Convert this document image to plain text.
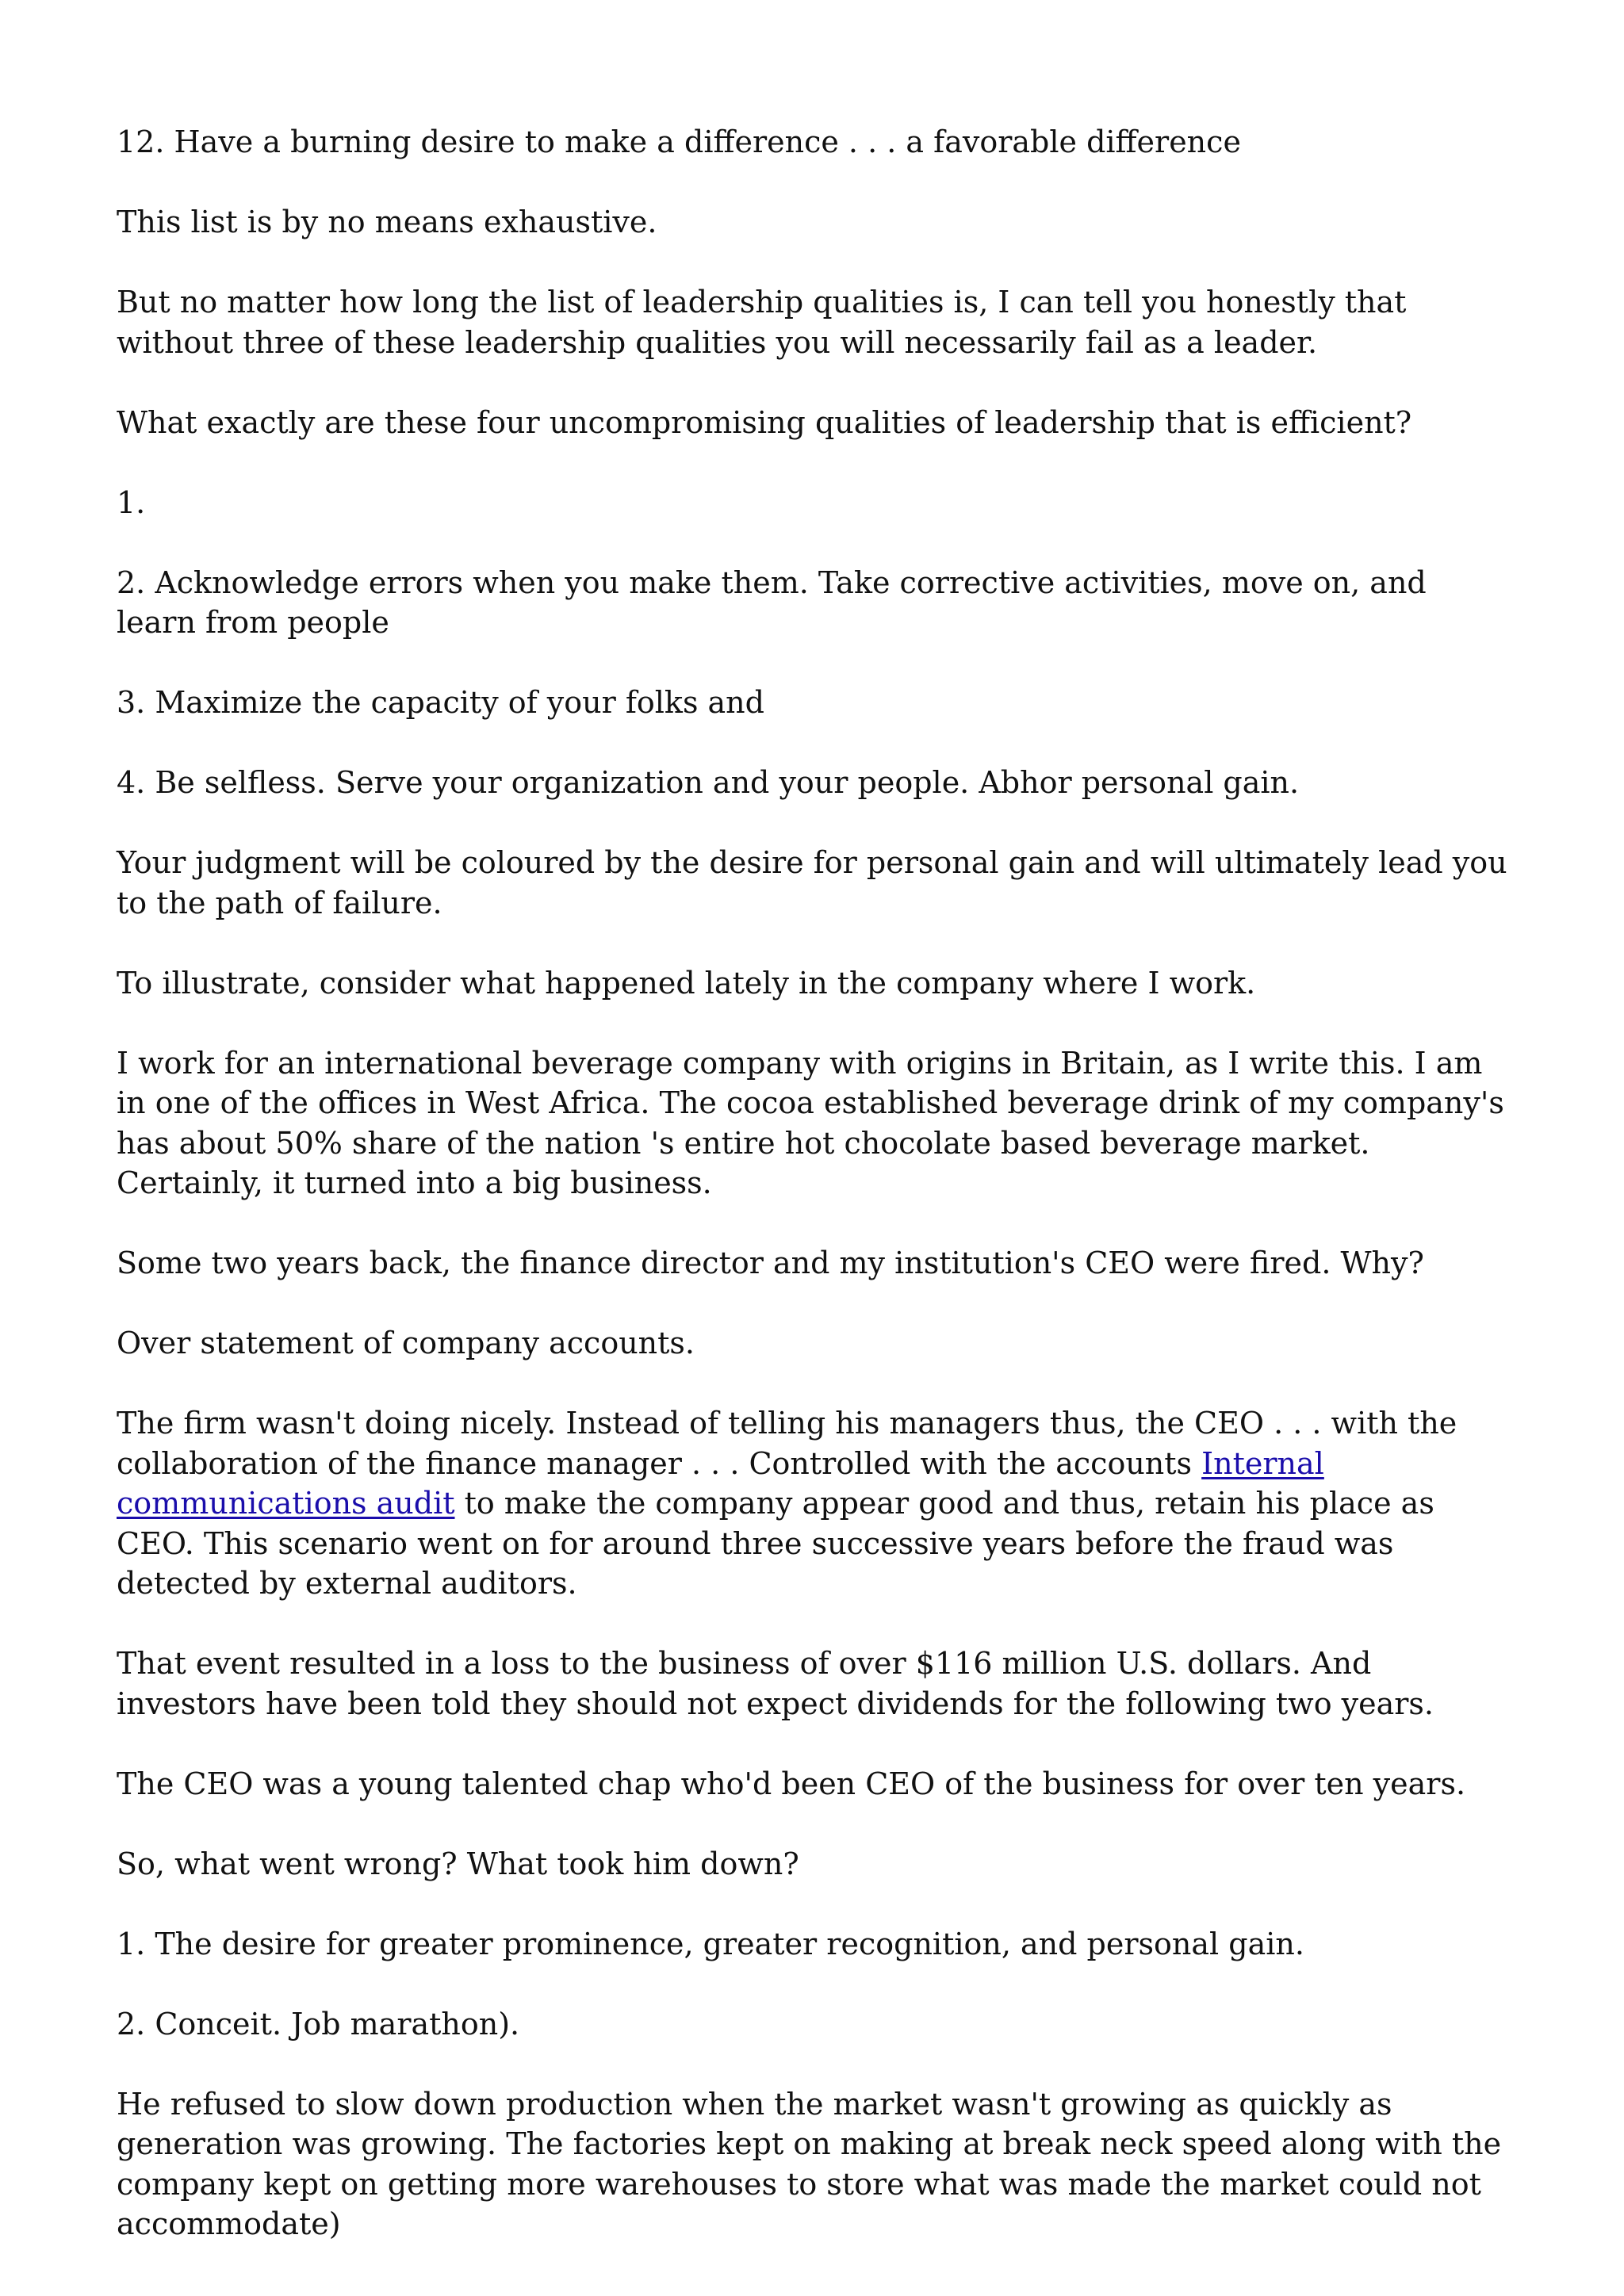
12. Have a burning desire to make a difference . . . a favorable difference

This list is by no means exhaustive.

But no matter how long the list of leadership qualities is, I can tell you honestly that without three of these leadership qualities you will necessarily fail as a leader.

What exactly are these four uncompromising qualities of leadership that is efficient?

1.

2. Acknowledge errors when you make them. Take corrective activities, move on, and learn from people

3. Maximize the capacity of your folks and

4. Be selfless. Serve your organization and your people. Abhor personal gain.

Your judgment will be coloured by the desire for personal gain and will ultimately lead you to the path of failure.

To illustrate, consider what happened lately in the company where I work.

I work for an international beverage company with origins in Britain, as I write this. I am in one of the offices in West Africa. The cocoa established beverage drink of my company's has about 50% share of the nation 's entire hot chocolate based beverage market. Certainly, it turned into a big business.

Some two years back, the finance director and my institution's CEO were fired. Why?

Over statement of company accounts.

The firm wasn't doing nicely. Instead of telling his managers thus, the CEO . . . with the collaboration of the finance manager . . . Controlled with the accounts Internal communications audit to make the company appear good and thus, retain his place as CEO. This scenario went on for around three successive years before the fraud was detected by external auditors.

That event resulted in a loss to the business of over $116 million U.S. dollars. And investors have been told they should not expect dividends for the following two years.

The CEO was a young talented chap who'd been CEO of the business for over ten years.

So, what went wrong? What took him down?

1. The desire for greater prominence, greater recognition, and personal gain.

2. Conceit. Job marathon).

He refused to slow down production when the market wasn't growing as quickly as generation was growing. The factories kept on making at break neck speed along with the company kept on getting more warehouses to store what was made the market could not accommodate)
